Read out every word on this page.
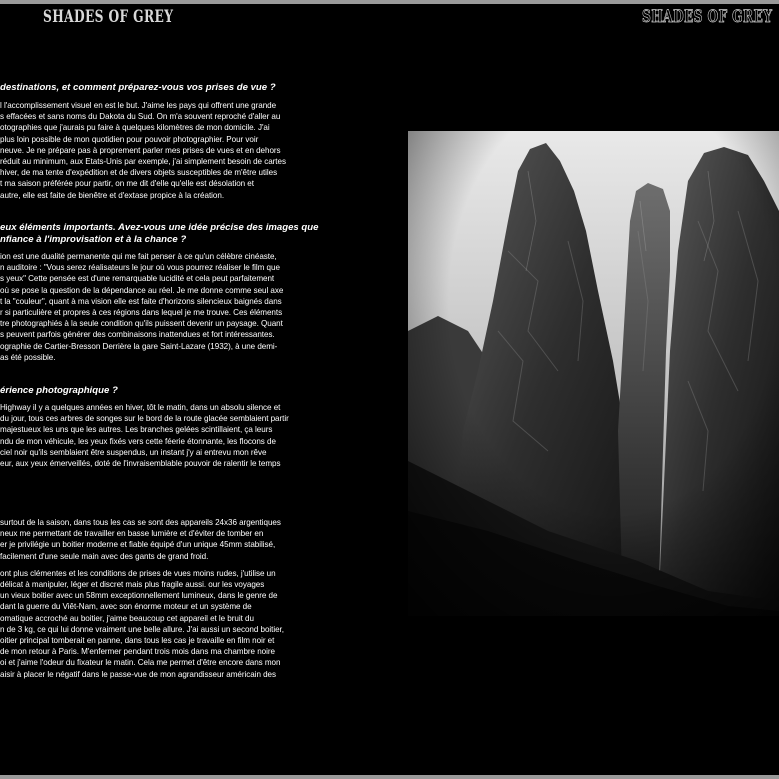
SHADES OF GREY	SHADES OF GREY
destinations, et comment préparez-vous vos prises de vue ?
l l'accomplissement visuel en est le but. J'aime les pays qui offrent une grande
s effacées et sans noms du Dakota du Sud. On m'a souvent reproché d'aller au
otographies que j'aurais pu faire à quelques kilomètres de mon domicile. J'ai
plus loin possible de mon quotidien pour pouvoir photographier. Pour voir
neuve. Je ne prépare pas à proprement parler mes prises de vues et en dehors
réduit au minimum, aux Etats-Unis par exemple, j'ai simplement besoin de cartes
hiver, de ma tente d'expédition et de divers objets susceptibles de m'être utiles
t ma saison préférée pour partir, on me dit d'elle qu'elle est désolation et
autre, elle est faite de bienêtre et d'extase propice à la création.
eux éléments importants. Avez-vous une idée précise des images que
nfiance à l'improvisation et à la chance ?
ion est une dualité permanente qui me fait penser à ce qu'un célèbre cinéaste,
n auditoire : "Vous serez réalisateurs le jour où vous pourrez réaliser le film que
s yeux" Cette pensée est d'une remarquable lucidité et cela peut parfaitement
où se pose la question de la dépendance au réel. Je me donne comme seul axe
t la "couleur", quant à ma vision elle est faite d'horizons silencieux baignés dans
r si particulière et propres à ces régions dans lequel je me trouve. Ces éléments
tre photographiés à la seule condition qu'ils puissent devenir un paysage. Quant
s peuvent parfois générer des combinaisons inattendues et fort intéressantes.
ographie de Cartier-Bresson Derrière la gare Saint-Lazare (1932), à une demi-
as été possible.
érience photographique ?
Highway il y a quelques années en hiver, tôt le matin, dans un absolu silence et
du jour, tous ces arbres de songes sur le bord de la route glacée semblaient partir
majestueux les uns que les autres. Les branches gelées scintillaient, ça leurs
ndu de mon véhicule, les yeux fixés vers cette féerie étonnante, les flocons de
ciel noir qu'ils semblaient être suspendus, un instant j'y ai entrevu mon rêve
eur, aux yeux émerveillés, doté de l'invraisemblable pouvoir de ralentir le temps
surtout de la saison, dans tous les cas se sont des appareils 24x36 argentiques
neux me permettant de travailler en basse lumière et d'éviter de tomber en
er je privilégie un boitier moderne et fiable équipé d'un unique 45mm stabilisé,
facilement d'une seule main avec des gants de grand froid.
ont plus clémentes et les conditions de prises de vues moins rudes, j'utilise un
délicat à manipuler, léger et discret mais plus fragile aussi. our les voyages
un vieux boitier avec un 58mm exceptionnellement lumineux, dans le genre de
dant la guerre du Viêt-Nam, avec son énorme moteur et un système de
omatique accroché au boitier, j'aime beaucoup cet appareil et le bruit du
n de 3 kg, ce qui lui donne vraiment une belle allure. J'ai aussi un second boitier,
oitier principal tomberait en panne, dans tous les cas je travaille en film noir et
de mon retour à Paris. M'enfermer pendant trois mois dans ma chambre noire
oi et j'aime l'odeur du fixateur le matin. Cela me permet d'être encore dans mon
aisir à placer le négatif dans le passe-vue de mon agrandisseur américain des
